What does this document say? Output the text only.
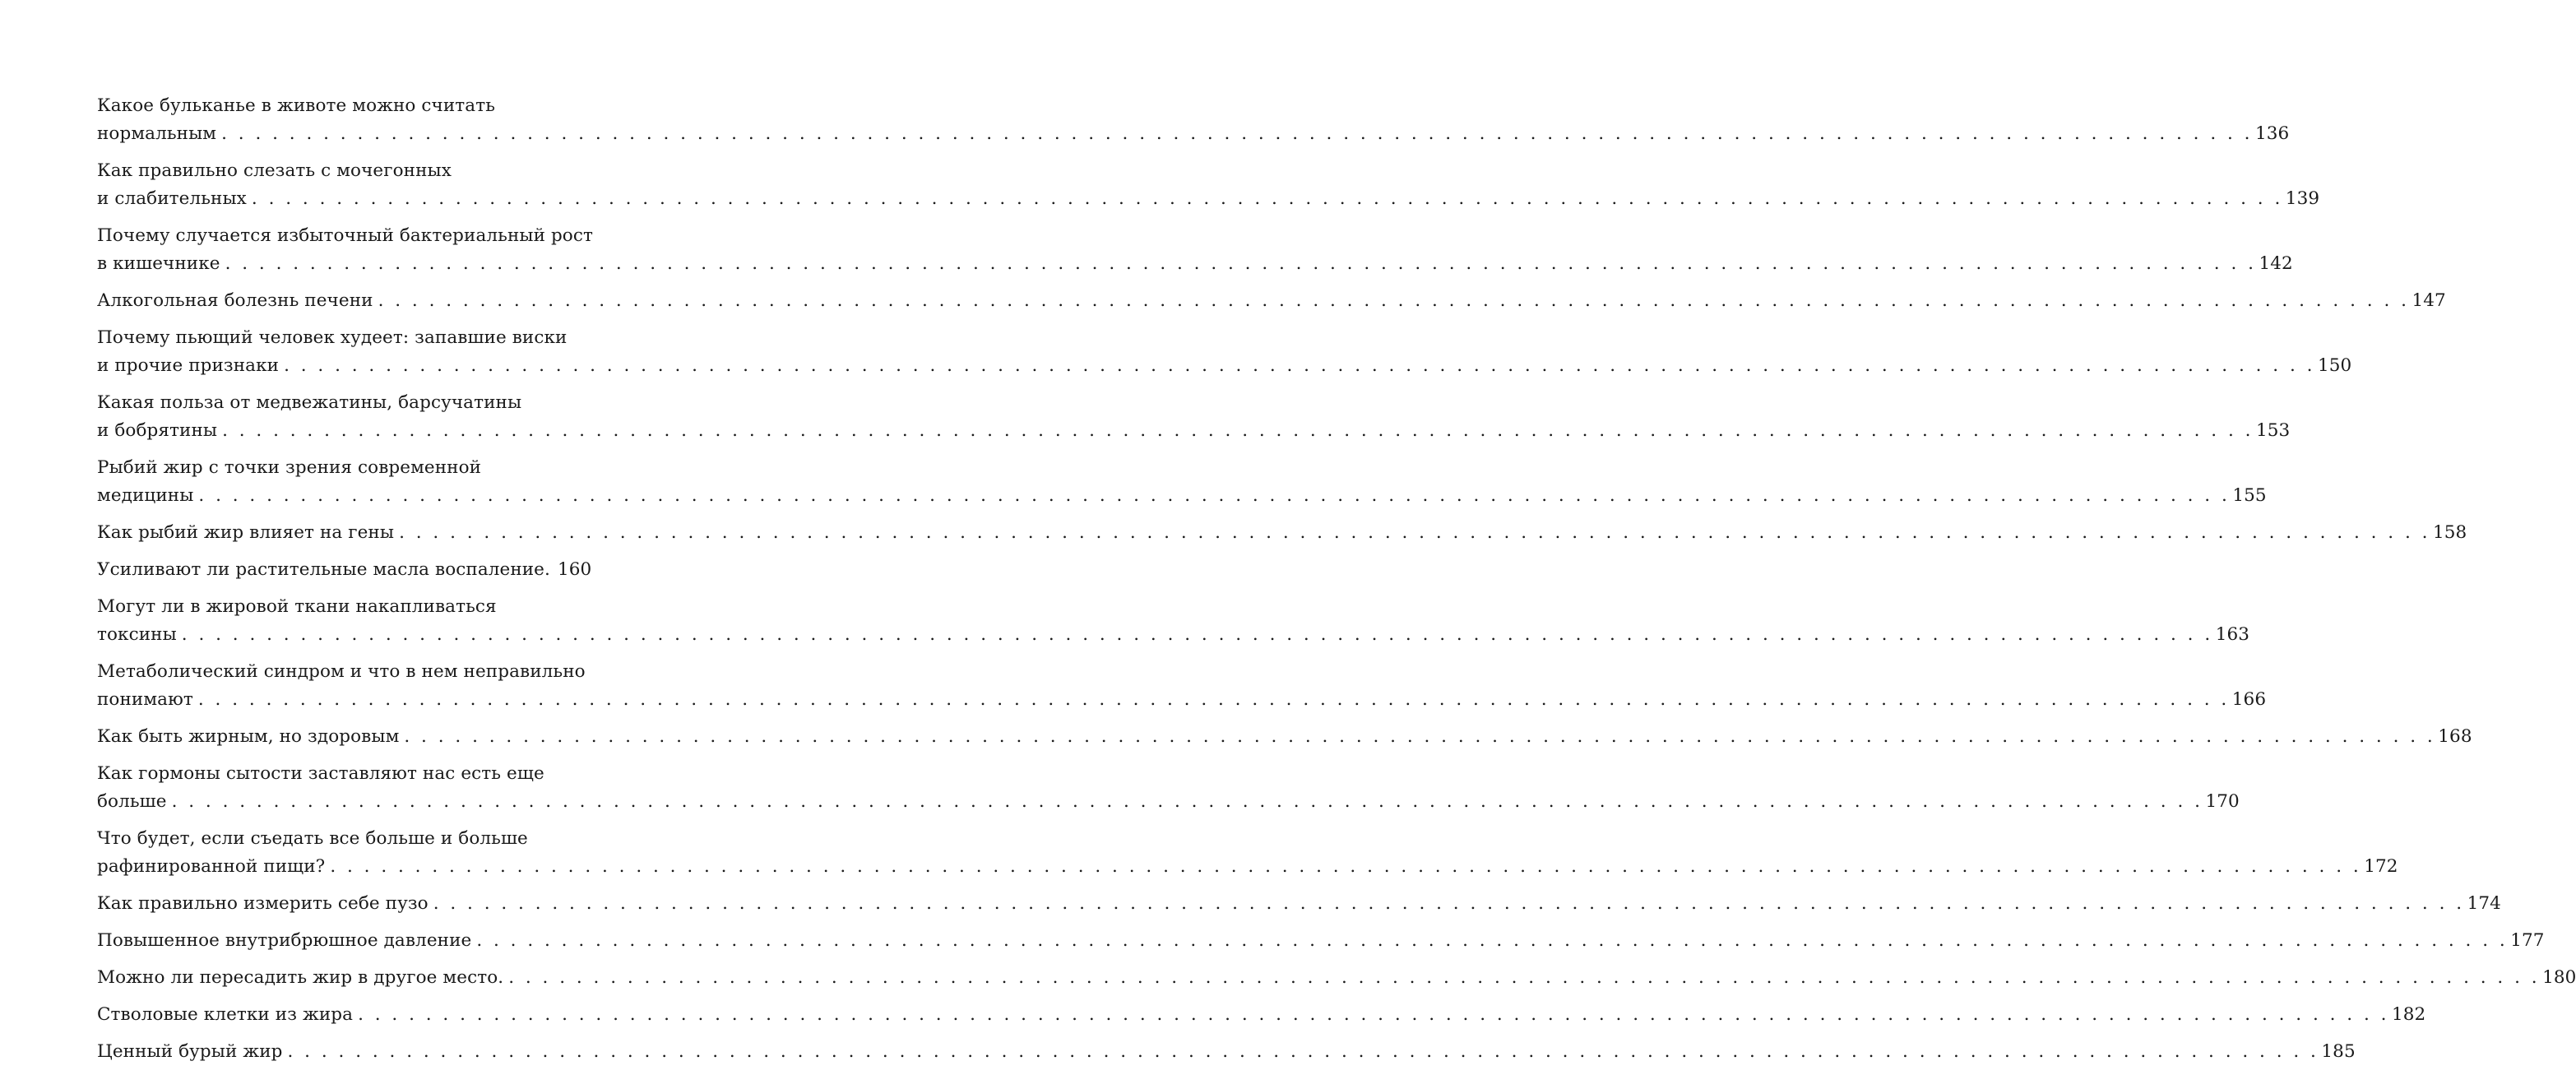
Какое бульканье в животе можно считать
нормальным . . . . . . . . . . . . . . . . . . . . . . . . . . . . . . . . . . . . . . . . . . . . . . . . . . . . . . . . . . . . . . . . . . . . . . . . . . . . . . . . . . . . . . . . . . . . . . . . . . . . . . . . . . . . . . . . . . . . . . . . 136
Как правильно слезать с мочегонных
и слабительных . . . . . . . . . . . . . . . . . . . . . . . . . . . . . . . . . . . . . . . . . . . . . . . . . . . . . . . . . . . . . . . . . . . . . . . . . . . . . . . . . . . . . . . . . . . . . . . . . . . . . . . . . . . . . . . . . . . . . . . . 139
Почему случается избыточный бактериальный рост
в кишечнике . . . . . . . . . . . . . . . . . . . . . . . . . . . . . . . . . . . . . . . . . . . . . . . . . . . . . . . . . . . . . . . . . . . . . . . . . . . . . . . . . . . . . . . . . . . . . . . . . . . . . . . . . . . . . . . . . . . . . . . . 142
Алкогольная болезнь печени . . . . . . . . . . . . . . . . . . . . . . . . . . . . . . . . . . . . . . . . . . . . . . . . . . . . . . . . . . . . . . . . . . . . . . . . . . . . . . . . . . . . . . . . . . . . . . . . . . . . . . . . . . . . . . . . . . . . . . . . 147
Почему пьющий человек худеет: запавшие виски
и прочие признаки . . . . . . . . . . . . . . . . . . . . . . . . . . . . . . . . . . . . . . . . . . . . . . . . . . . . . . . . . . . . . . . . . . . . . . . . . . . . . . . . . . . . . . . . . . . . . . . . . . . . . . . . . . . . . . . . . . . . . . . . 150
Какая польза от медвежатины, барсучатины
и бобрятины . . . . . . . . . . . . . . . . . . . . . . . . . . . . . . . . . . . . . . . . . . . . . . . . . . . . . . . . . . . . . . . . . . . . . . . . . . . . . . . . . . . . . . . . . . . . . . . . . . . . . . . . . . . . . . . . . . . . . . . . 153
Рыбий жир с точки зрения современной
медицины . . . . . . . . . . . . . . . . . . . . . . . . . . . . . . . . . . . . . . . . . . . . . . . . . . . . . . . . . . . . . . . . . . . . . . . . . . . . . . . . . . . . . . . . . . . . . . . . . . . . . . . . . . . . . . . . . . . . . . . . 155
Как рыбий жир влияет на гены . . . . . . . . . . . . . . . . . . . . . . . . . . . . . . . . . . . . . . . . . . . . . . . . . . . . . . . . . . . . . . . . . . . . . . . . . . . . . . . . . . . . . . . . . . . . . . . . . . . . . . . . . . . . . . . . . . . . . . . . 158
Усиливают ли растительные масла воспаление. 160
Могут ли в жировой ткани накапливаться
токсины . . . . . . . . . . . . . . . . . . . . . . . . . . . . . . . . . . . . . . . . . . . . . . . . . . . . . . . . . . . . . . . . . . . . . . . . . . . . . . . . . . . . . . . . . . . . . . . . . . . . . . . . . . . . . . . . . . . . . . . . 163
Метаболический синдром и что в нем неправильно
понимают . . . . . . . . . . . . . . . . . . . . . . . . . . . . . . . . . . . . . . . . . . . . . . . . . . . . . . . . . . . . . . . . . . . . . . . . . . . . . . . . . . . . . . . . . . . . . . . . . . . . . . . . . . . . . . . . . . . . . . . . 166
Как быть жирным, но здоровым . . . . . . . . . . . . . . . . . . . . . . . . . . . . . . . . . . . . . . . . . . . . . . . . . . . . . . . . . . . . . . . . . . . . . . . . . . . . . . . . . . . . . . . . . . . . . . . . . . . . . . . . . . . . . . . . . . . . . . . . 168
Как гормоны сытости заставляют нас есть еще
больше . . . . . . . . . . . . . . . . . . . . . . . . . . . . . . . . . . . . . . . . . . . . . . . . . . . . . . . . . . . . . . . . . . . . . . . . . . . . . . . . . . . . . . . . . . . . . . . . . . . . . . . . . . . . . . . . . . . . . . . . 170
Что будет, если съедать все больше и больше
рафинированной пищи? . . . . . . . . . . . . . . . . . . . . . . . . . . . . . . . . . . . . . . . . . . . . . . . . . . . . . . . . . . . . . . . . . . . . . . . . . . . . . . . . . . . . . . . . . . . . . . . . . . . . . . . . . . . . . . . . . . . . . . . . 172
Как правильно измерить себе пузо . . . . . . . . . . . . . . . . . . . . . . . . . . . . . . . . . . . . . . . . . . . . . . . . . . . . . . . . . . . . . . . . . . . . . . . . . . . . . . . . . . . . . . . . . . . . . . . . . . . . . . . . . . . . . . . . . . . . . . . . 174
Повышенное внутрибрюшное давление . . . . . . . . . . . . . . . . . . . . . . . . . . . . . . . . . . . . . . . . . . . . . . . . . . . . . . . . . . . . . . . . . . . . . . . . . . . . . . . . . . . . . . . . . . . . . . . . . . . . . . . . . . . . . . . . . . . . . . . . 177
Можно ли пересадить жир в другое место. . . . . . . . . . . . . . . . . . . . . . . . . . . . . . . . . . . . . . . . . . . . . . . . . . . . . . . . . . . . . . . . . . . . . . . . . . . . . . . . . . . . . . . . . . . . . . . . . . . . . . . . . . . . . . . . . . . . . . . . . 180
Стволовые клетки из жира . . . . . . . . . . . . . . . . . . . . . . . . . . . . . . . . . . . . . . . . . . . . . . . . . . . . . . . . . . . . . . . . . . . . . . . . . . . . . . . . . . . . . . . . . . . . . . . . . . . . . . . . . . . . . . . . . . . . . . . . 182
Ценный бурый жир . . . . . . . . . . . . . . . . . . . . . . . . . . . . . . . . . . . . . . . . . . . . . . . . . . . . . . . . . . . . . . . . . . . . . . . . . . . . . . . . . . . . . . . . . . . . . . . . . . . . . . . . . . . . . . . . . . . . . . . . 185
